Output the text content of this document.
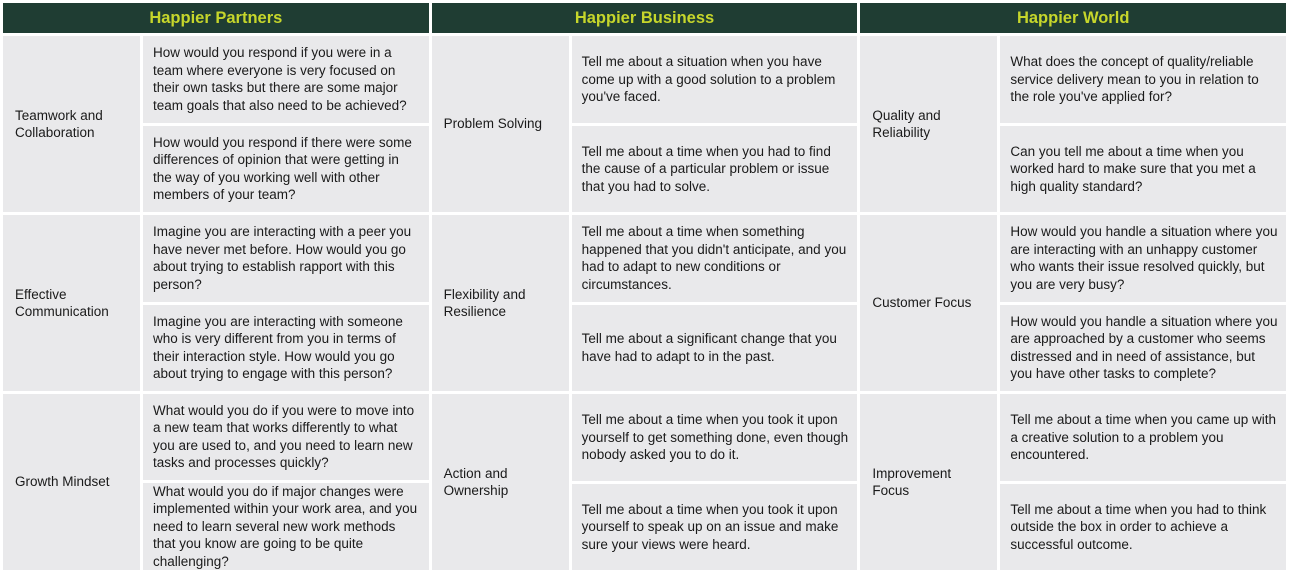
Happier Partners
Teamwork and Collaboration
How would you respond if you were in a team where everyone is very focused on their own tasks but there are some major team goals that also need to be achieved?
How would you respond if there were some differences of opinion that were getting in the way of you working well with other members of your team?
Effective Communication
Imagine you are interacting with a peer you have never met before. How would you go about trying to establish rapport with this person?
Imagine you are interacting with someone who is very different from you in terms of their interaction style. How would you go about trying to engage with this person?
Growth Mindset
What would you do if you were to move into a new team that works differently to what you are used to, and you need to learn new tasks and processes quickly?
What would you do if major changes were implemented within your work area, and you need to learn several new work methods that you know are going to be quite challenging?
Happier Business
Problem Solving
Tell me about a situation when you have come up with a good solution to a problem you've faced.
Tell me about a time when you had to find the cause of a particular problem or issue that you had to solve.
Flexibility and Resilience
Tell me about a time when something happened that you didn't anticipate, and you had to adapt to new conditions or circumstances.
Tell me about a significant change that you have had to adapt to in the past.
Action and Ownership
Tell me about a time when you took it upon yourself to get something done, even though nobody asked you to do it.
Tell me about a time when you took it upon yourself to speak up on an issue and make sure your views were heard.
Happier World
Quality and Reliability
What does the concept of quality/reliable service delivery mean to you in relation to the role you've applied for?
Can you tell me about a time when you worked hard to make sure that you met a high quality standard?
Customer Focus
How would you handle a situation where you are interacting with an unhappy customer who wants their issue resolved quickly, but you are very busy?
How would you handle a situation where you are approached by a customer who seems distressed and in need of assistance, but you have other tasks to complete?
Improvement Focus
Tell me about a time when you came up with a creative solution to a problem you encountered.
Tell me about a time when you had to think outside the box in order to achieve a successful outcome.
